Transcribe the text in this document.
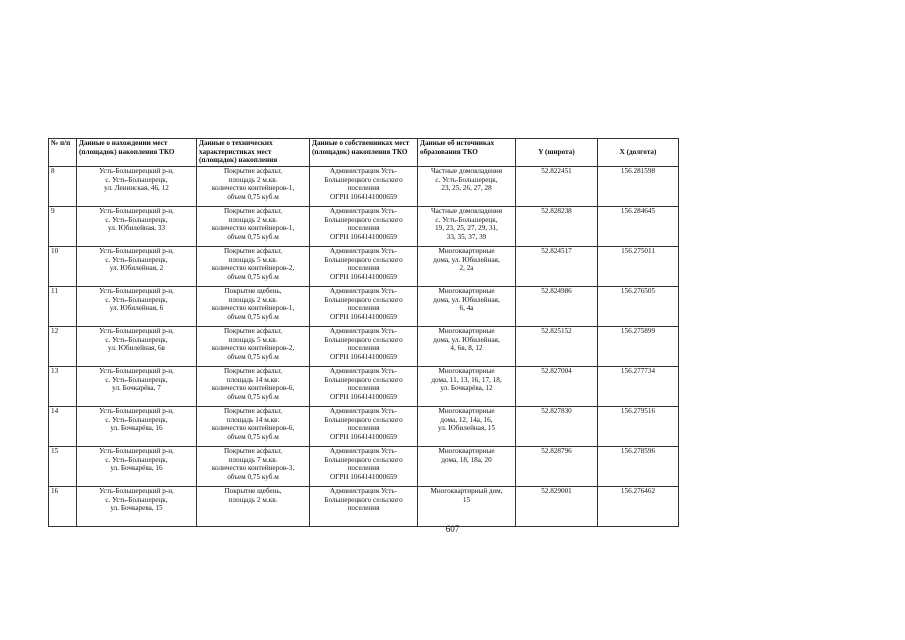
№ п/п	Данные о нахождении мест (площадок) накопления ТКО	Данные о технических характеристиках мест (площадок) накопления	Данные о собственниках мест (площадок) накопления ТКО	Данные об источниках образования ТКО	Y (широта)	X (долгота)
8	Усть-Большерецкий р-н,
с. Усть-Большерецк,
ул. Ленинская, 46, 12	Покрытие асфальт,
площадь 2 м.кв.
количество контейнеров-1,
объем 0,75 куб.м	Администрация Усть-
Большерецкого сельского
поселения
ОГРН 1064141000659	Частные домовладения
с. Усть-Большерецк,
23, 25, 26, 27, 28	52.822451	156.281598
9	Усть-Большерецкий р-н,
с. Усть-Большерецк,
ул. Юбилейная, 33	Покрытие асфальт,
площадь 2 м.кв.
количество контейнеров-1,
объем 0,75 куб.м	Администрация Усть-
Большерецкого сельского
поселения
ОГРН 1064141000659	Частные домовладения
с. Усть-Большерецк,
19, 23, 25, 27, 29, 31,
33, 35, 37, 39	52.828238	156.284645
10	Усть-Большерецкий р-н,
с. Усть-Большерецк,
ул. Юбилейная, 2	Покрытие асфальт,
площадь 5 м.кв.
количество контейнеров-2,
объем 0,75 куб.м	Администрация Усть-
Большерецкого сельского
поселения
ОГРН 1064141000659	Многоквартирные
дома, ул. Юбилейная,
2, 2а	52.824517	156.275011
11	Усть-Большерецкий р-н,
с. Усть-Большерецк,
ул. Юбилейная, 6	Покрытие щебень,
площадь 2 м.кв.
количество контейнеров-1,
объем 0,75 куб.м	Администрация Усть-
Большерецкого сельского
поселения
ОГРН 1064141000659	Многоквартирные
дома, ул. Юбилейная,
6, 4а	52.824986	156.276505
12	Усть-Большерецкий р-н,
с. Усть-Большерецк,
ул. Юбилейная, 6в	Покрытие асфальт,
площадь 5 м.кв.
количество контейнеров-2,
объем 0,75 куб.м	Администрация Усть-
Большерецкого сельского
поселения
ОГРН 1064141000659	Многоквартирные
дома, ул. Юбилейная,
4, 6в, 8, 12	52.825152	156.275899
13	Усть-Большерецкий р-н,
с. Усть-Большерецк,
ул. Бочкарёва, 7	Покрытие асфальт,
площадь 14 м.кв.
количество контейнеров-6,
объем 0,75 куб.м	Администрация Усть-
Большерецкого сельского
поселения
ОГРН 1064141000659	Многоквартирные
дома, 11, 13, 16, 17, 18,
ул. Бочкарёва, 12	52.827004	156.277734
14	Усть-Большерецкий р-н,
с. Усть-Большерецк,
ул. Бочкарёва, 16	Покрытие асфальт,
площадь 14 м.кв.
количество контейнеров-6,
объем 0,75 куб.м	Администрация Усть-
Большерецкого сельского
поселения
ОГРН 1064141000659	Многоквартирные
дома, 12, 14а, 16,
ул. Юбилейная, 15	52.827830	156.279516
15	Усть-Большерецкий р-н,
с. Усть-Большерецк,
ул. Бочкарёва, 16	Покрытие асфальт,
площадь 7 м.кв.
количество контейнеров-3,
объем 0,75 куб.м	Администрация Усть-
Большерецкого сельского
поселения
ОГРН 1064141000659	Многоквартирные
дома, 18, 18а, 20	52.828796	156.278596
16	Усть-Большерецкий р-н,
с. Усть-Большерецк,
ул. Бочкарева, 15	Покрытие щебень,
площадь 2 м.кв.	Администрация Усть-
Большерецкого сельского
поселения	Многоквартирный дом,
15	52.829001	156.276462
607
